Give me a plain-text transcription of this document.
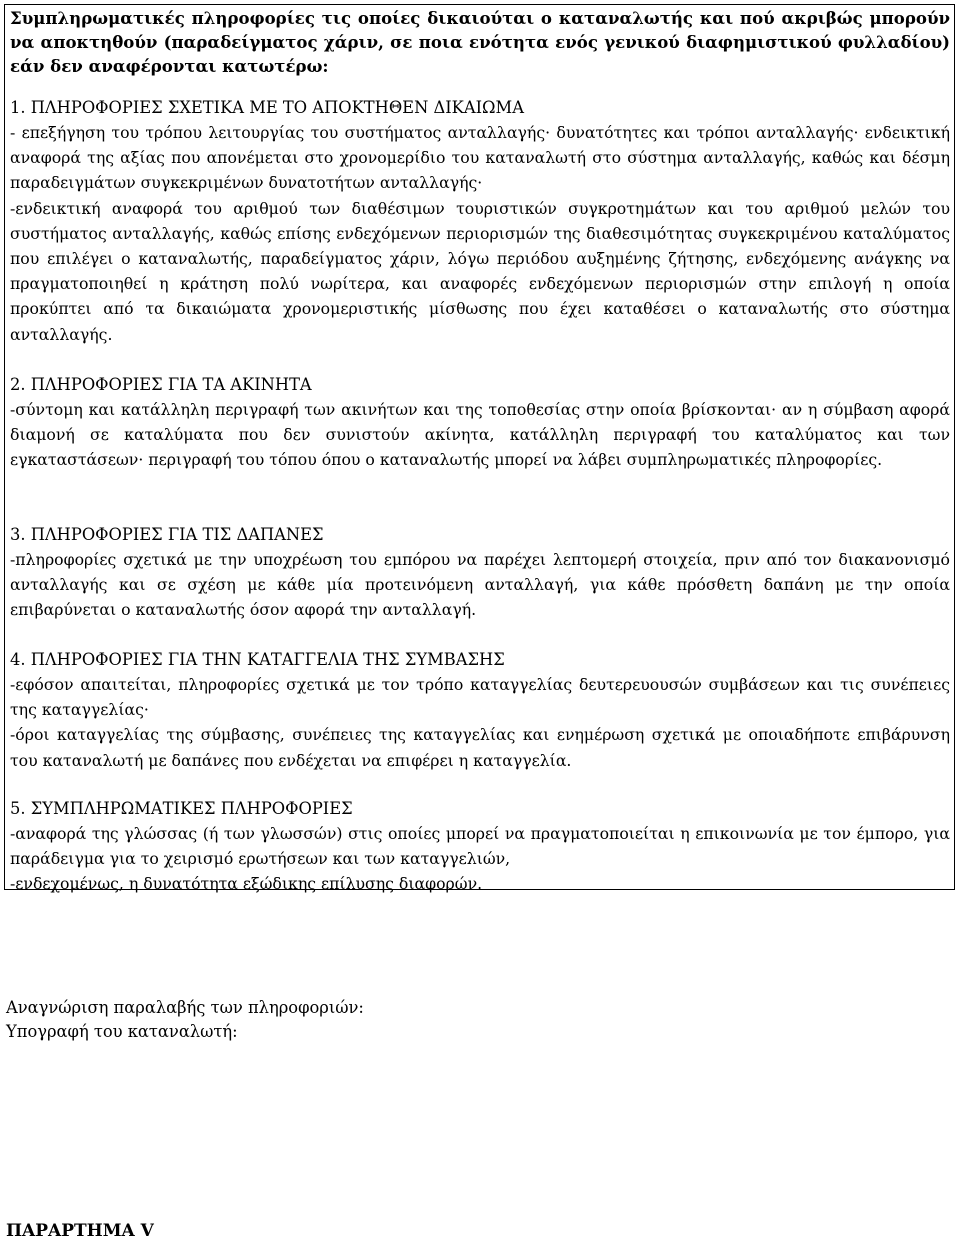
Συμπληρωματικές πληροφορίες τις οποίες δικαιούται ο καταναλωτής και πού ακριβώς μπορούν να αποκτηθούν (παραδείγματος χάριν, σε ποια ενότητα ενός γενικού διαφημιστικού φυλλαδίου) εάν δεν αναφέρονται κατωτέρω:

1. ΠΛΗΡΟΦΟΡΙΕΣ ΣΧΕΤΙΚΑ ΜΕ ΤΟ ΑΠΟΚΤΗΘΕΝ ΔΙΚΑΙΩΜΑ

- επεξήγηση του τρόπου λειτουργίας του συστήματος ανταλλαγής· δυνατότητες και τρόποι ανταλλαγής· ενδεικτική αναφορά της αξίας που απονέμεται στο χρονομερίδιο του καταναλωτή στο σύστημα ανταλλαγής, καθώς και δέσμη παραδειγμάτων συγκεκριμένων δυνατοτήτων ανταλλαγής·

-ενδεικτική αναφορά του αριθμού των διαθέσιμων τουριστικών συγκροτημάτων και του αριθμού μελών του συστήματος ανταλλαγής, καθώς επίσης ενδεχόμενων περιορισμών της διαθεσιμότητας συγκεκριμένου καταλύματος που επιλέγει ο καταναλωτής, παραδείγματος χάριν, λόγω περιόδου αυξημένης ζήτησης, ενδεχόμενης ανάγκης να πραγματοποιηθεί η κράτηση πολύ νωρίτερα, και αναφορές ενδεχόμενων περιορισμών στην επιλογή η οποία προκύπτει από τα δικαιώματα χρονομεριστικής μίσθωσης που έχει καταθέσει ο καταναλωτής στο σύστημα ανταλλαγής.

2. ΠΛΗΡΟΦΟΡΙΕΣ ΓΙΑ ΤΑ ΑΚΙΝΗΤΑ

-σύντομη και κατάλληλη περιγραφή των ακινήτων και της τοποθεσίας στην οποία βρίσκονται· αν η σύμβαση αφορά διαμονή σε καταλύματα που δεν συνιστούν ακίνητα, κατάλληλη περιγραφή του καταλύματος και των εγκαταστάσεων· περιγραφή του τόπου όπου ο καταναλωτής μπορεί να λάβει συμπληρωματικές πληροφορίες.

3. ΠΛΗΡΟΦΟΡΙΕΣ ΓΙΑ ΤΙΣ ΔΑΠΑΝΕΣ

-πληροφορίες σχετικά με την υποχρέωση του εμπόρου να παρέχει λεπτομερή στοιχεία, πριν από τον διακανονισμό ανταλλαγής και σε σχέση με κάθε μία προτεινόμενη ανταλλαγή, για κάθε πρόσθετη δαπάνη με την οποία επιβαρύνεται ο καταναλωτής όσον αφορά την ανταλλαγή.

4. ΠΛΗΡΟΦΟΡΙΕΣ ΓΙΑ ΤΗΝ ΚΑΤΑΓΓΕΛΙΑ ΤΗΣ ΣΥΜΒΑΣΗΣ

-εφόσον απαιτείται, πληροφορίες σχετικά με τον τρόπο καταγγελίας δευτερευουσών συμβάσεων και τις συνέπειες της καταγγελίας·

-όροι καταγγελίας της σύμβασης, συνέπειες της καταγγελίας και ενημέρωση σχετικά με οποιαδήποτε επιβάρυνση του καταναλωτή με δαπάνες που ενδέχεται να επιφέρει η καταγγελία.

5. ΣΥΜΠΛΗΡΩΜΑΤΙΚΕΣ ΠΛΗΡΟΦΟΡΙΕΣ

-αναφορά της γλώσσας (ή των γλωσσών) στις οποίες μπορεί να πραγματοποιείται η επικοινωνία με τον έμπορο, για παράδειγμα για το χειρισμό ερωτήσεων και των καταγγελιών,

-ενδεχομένως, η δυνατότητα εξώδικης επίλυσης διαφορών.

Αναγνώριση παραλαβής των πληροφοριών:

Υπογραφή του καταναλωτή:

ΠΑΡΑΡΤΗΜΑ V
